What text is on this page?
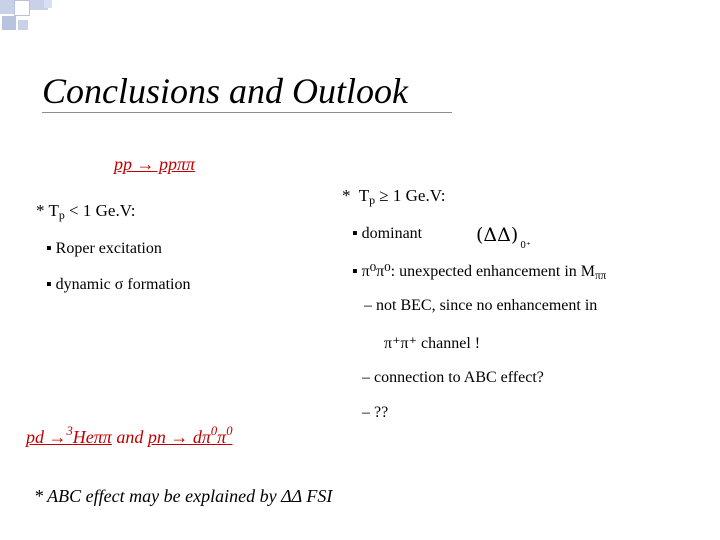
Conclusions and Outlook
pp → ppππ
* $T_p < 1$ Ge.V:
▪ Roper excitation
▪ dynamic σ formation
* $T_p \ge 1$ Ge.V:
▪ dominant	(ΔΔ) $_{0^+}$
▪ π⁰π⁰: unexpected enhancement in $M_{\pi\pi}$
– not BEC, since no enhancement in
π⁺π⁺ channel !
– connection to ABC effect?
– ??
pd →$^3$Heππ and pn → $d\pi^0\pi^0$
* ABC effect may be explained by ΔΔ FSI
